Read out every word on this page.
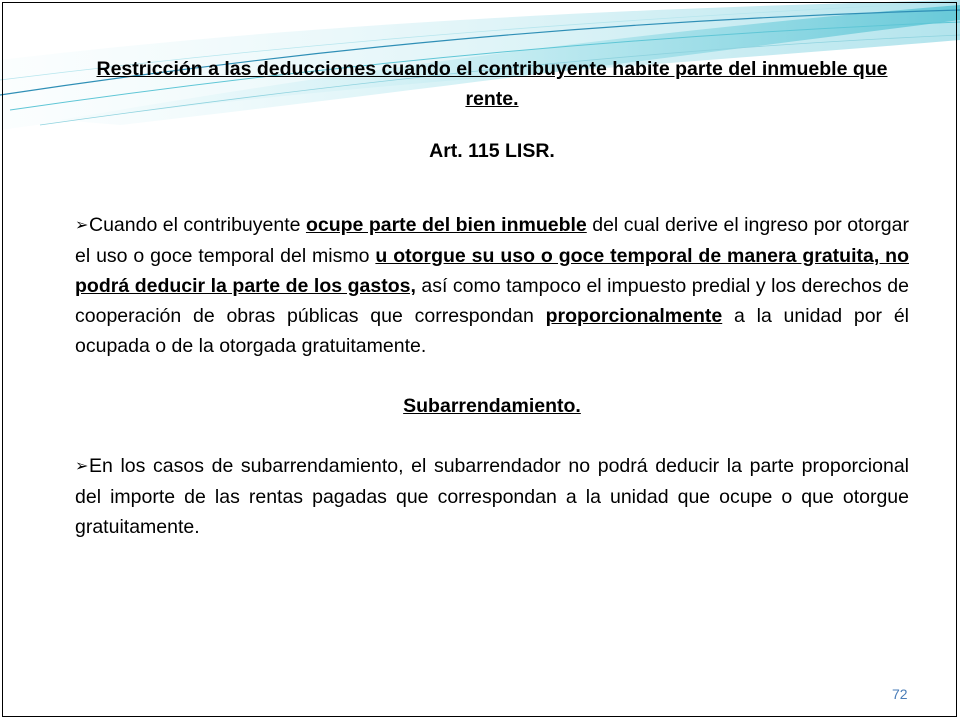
Restricción a las deducciones cuando el contribuyente habite parte del inmueble que rente.

Art. 115 LISR.

➢Cuando el contribuyente ocupe parte del bien inmueble del cual derive el ingreso por otorgar el uso o goce temporal del mismo u otorgue su uso o goce temporal de manera gratuita, no podrá deducir la parte de los gastos, así como tampoco el impuesto predial y los derechos de cooperación de obras públicas que correspondan proporcionalmente a la unidad por él ocupada o de la otorgada gratuitamente.

Subarrendamiento.

➢En los casos de subarrendamiento, el subarrendador no podrá deducir la parte proporcional del importe de las rentas pagadas que correspondan a la unidad que ocupe o que otorgue gratuitamente.

72
